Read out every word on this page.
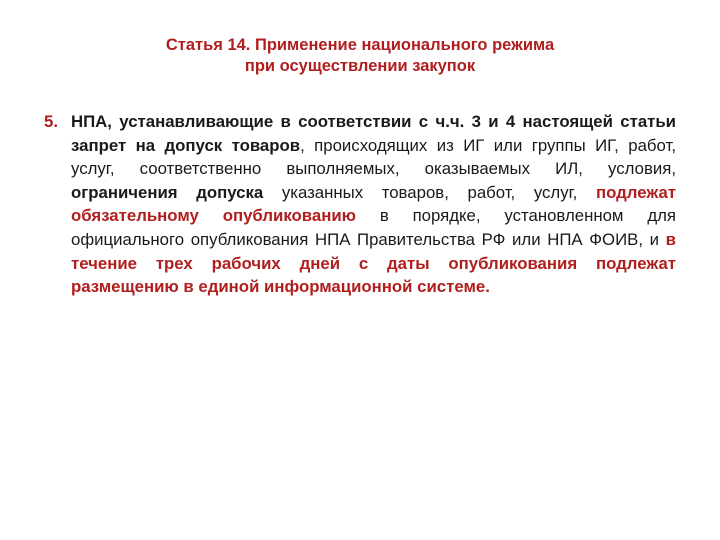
Статья 14. Применение национального режима
при осуществлении закупок
5. НПА, устанавливающие в соответствии с ч.ч. 3 и 4 настоящей статьи запрет на допуск товаров, происходящих из ИГ или группы ИГ, работ, услуг, соответственно выполняемых, оказываемых ИЛ, условия, ограничения допуска указанных товаров, работ, услуг, подлежат обязательному опубликованию в порядке, установленном для официального опубликования НПА Правительства РФ или НПА ФОИВ, и в течение трех рабочих дней с даты опубликования подлежат размещению в единой информационной системе.
